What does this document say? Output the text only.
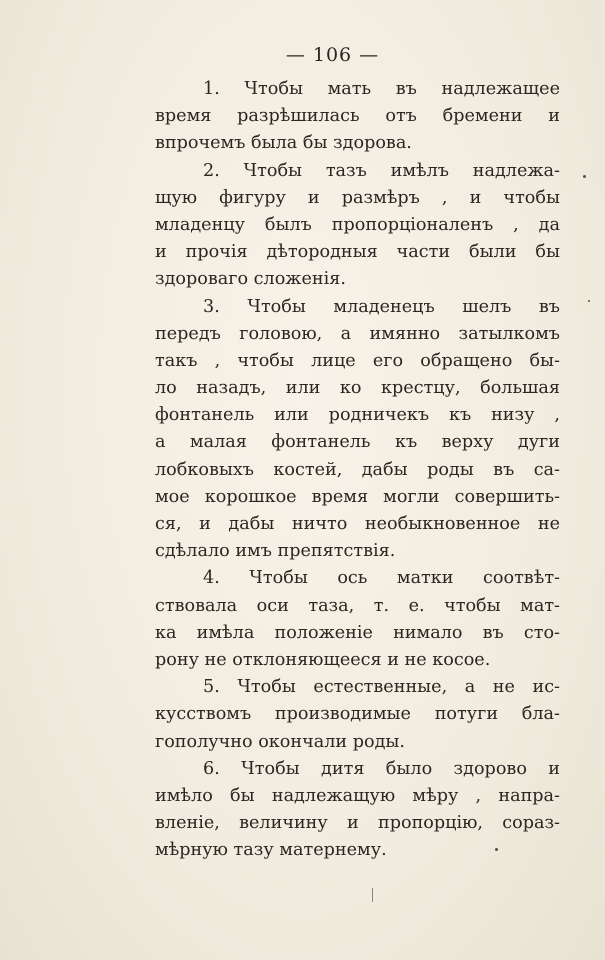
— 106 —
1. Чтобы мать въ надлежащее
время разрѣшилась отъ бремени и
впрочемъ была бы здорова.
2. Чтобы тазъ имѣлъ надлежа-
щую фигуру и размѣръ , и чтобы
младенцу былъ пропорціоналенъ , да
и прочія дѣтородныя части были бы
здороваго сложенія.
3. Чтобы младенецъ шелъ въ
передъ головою, а имянно затылкомъ
такъ , чтобы лице его обращено бы-
ло назадъ, или ко крестцу, большая
фонтанель или родничекъ къ низу ,
а малая фонтанель къ верху дуги
лобковыхъ костей, дабы роды въ са-
мое корошкое время могли совершить-
ся, и дабы ничто необыкновенное не
сдѣлало имъ препятствія.
4. Чтобы ось матки соотвѣт-
ствовала оси таза, т. е. чтобы мат-
ка имѣла положеніе нимало въ сто-
рону не отклоняющееся и не косое.
5. Чтобы естественные, а не ис-
кусствомъ производимые потуги бла-
гополучно окончали роды.
6. Чтобы дитя было здорово и
имѣло бы надлежащую мѣру , напра-
вленіе, величину и пропорцію, сораз-
мѣрную тазу матернему.
